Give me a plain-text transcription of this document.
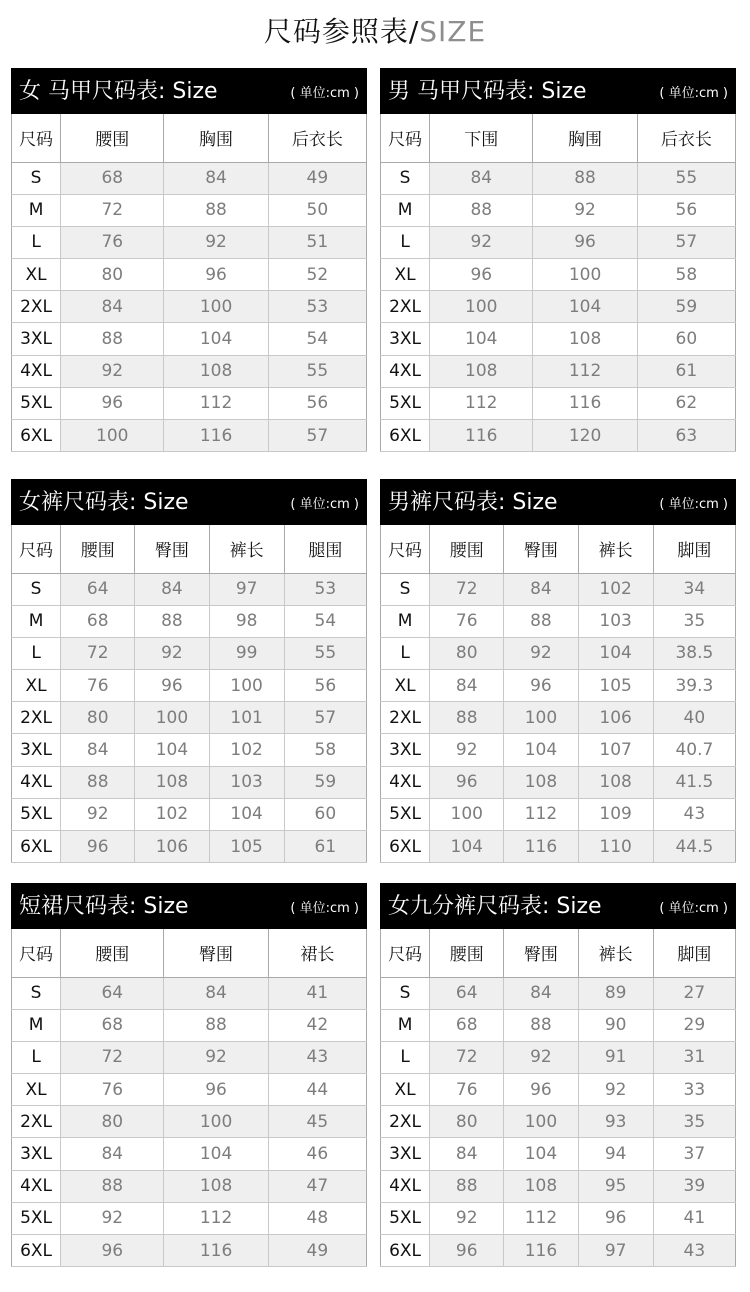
尺码参照表/SIZE
女 马甲尺码表: Size	( 单位:cm )
尺码	腰围	胸围	后衣长
S	68	84	49
M	72	88	50
L	76	92	51
XL	80	96	52
2XL	84	100	53
3XL	88	104	54
4XL	92	108	55
5XL	96	112	56
6XL	100	116	57
男 马甲尺码表: Size	( 单位:cm )
尺码	下围	胸围	后衣长
S	84	88	55
M	88	92	56
L	92	96	57
XL	96	100	58
2XL	100	104	59
3XL	104	108	60
4XL	108	112	61
5XL	112	116	62
6XL	116	120	63
女裤尺码表: Size	( 单位:cm )
尺码	腰围	臀围	裤长	腿围
S	64	84	97	53
M	68	88	98	54
L	72	92	99	55
XL	76	96	100	56
2XL	80	100	101	57
3XL	84	104	102	58
4XL	88	108	103	59
5XL	92	102	104	60
6XL	96	106	105	61
男裤尺码表: Size	( 单位:cm )
尺码	腰围	臀围	裤长	脚围
S	72	84	102	34
M	76	88	103	35
L	80	92	104	38.5
XL	84	96	105	39.3
2XL	88	100	106	40
3XL	92	104	107	40.7
4XL	96	108	108	41.5
5XL	100	112	109	43
6XL	104	116	110	44.5
短裙尺码表: Size	( 单位:cm )
尺码	腰围	臀围	裙长
S	64	84	41
M	68	88	42
L	72	92	43
XL	76	96	44
2XL	80	100	45
3XL	84	104	46
4XL	88	108	47
5XL	92	112	48
6XL	96	116	49
女九分裤尺码表: Size	( 单位:cm )
尺码	腰围	臀围	裤长	脚围
S	64	84	89	27
M	68	88	90	29
L	72	92	91	31
XL	76	96	92	33
2XL	80	100	93	35
3XL	84	104	94	37
4XL	88	108	95	39
5XL	92	112	96	41
6XL	96	116	97	43
